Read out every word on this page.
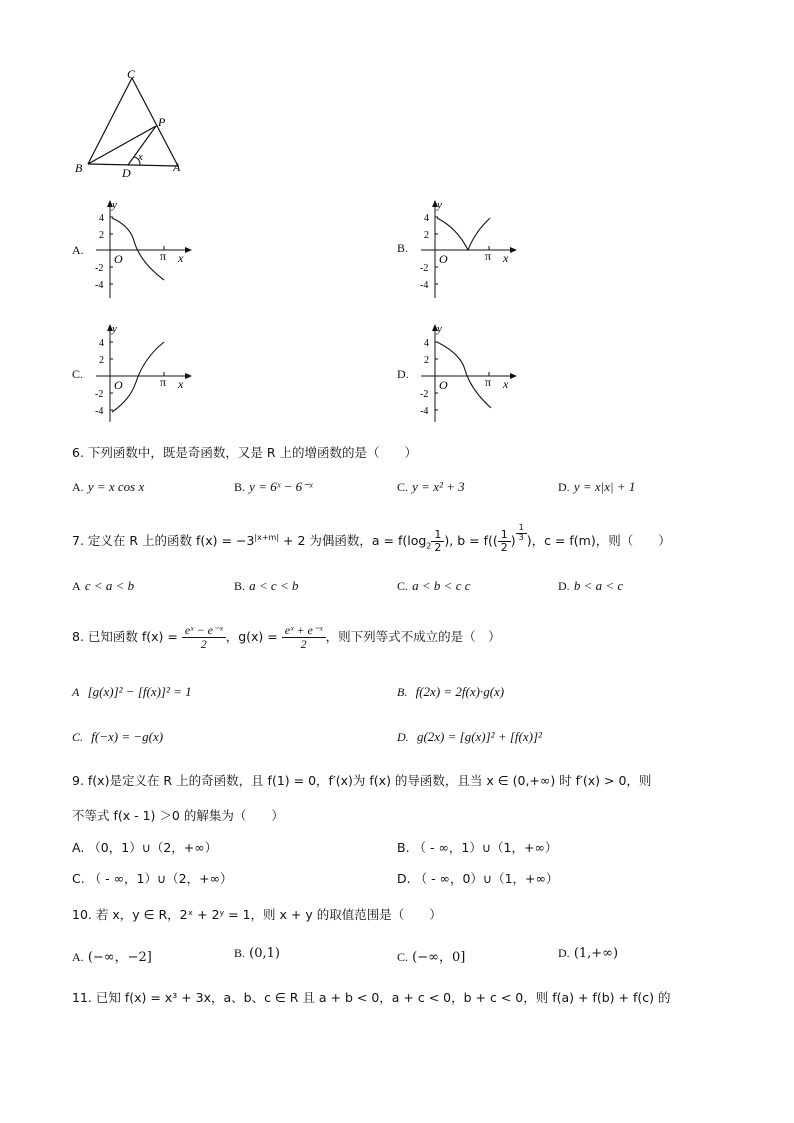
C
P
B	D	A
x
A.
y
x
O	π
4
2
-2
-4
B.
y
x
O	π
4
2
-2
-4
C.
y
x
O	π
4
2
-2
-4
D.
y
x
O	π
4
2
-2
-4
6. 下列函数中，既是奇函数，又是 R 上的增函数的是（　　）
A. y = x cos x	B. y = 6ˣ − 6⁻ˣ	C. y = x² + 3	D. y = x|x| + 1
7. 定义在 R 上的函数 $f(x) = -3^{|x+m|} + 2$ 为偶函数，$a = f(\log_2 \frac{1}{2}$ ), $b = f(( \frac{1}{2}$ ) $^{\frac{1}{3}}$ )，c = f(m)，则（　　）
A c < a < b	B. a < c < b	C. a < b < c c	D. b < a < c
8. 已知函数 $f(x) = \frac{\text{eˣ − e⁻ˣ}}{2}$ ，$g(x) = \frac{\text{eˣ + e⁻ˣ}}{2}$ ，则下列等式不成立的是（　）
A [g(x)]² − [f(x)]² = 1	B. f(2x) = 2f(x)·g(x)
C. f(−x) = −g(x)	D. g(2x) = [g(x)]² + [f(x)]²
9. f(x)是定义在 R 上的奇函数，且 f(1) = 0，f′(x)为 f(x) 的导函数，且当 x ∈ (0,+∞) 时 f′(x) > 0，则
不等式 f(x - 1) ＞0 的解集为（　　）
A. （0，1）∪（2，+∞）	B. （ - ∞，1）∪（1，+∞）
C. （ - ∞，1）∪（2，+∞）	D. （ - ∞，0）∪（1，+∞）
10. 若 x，y ∈ R，2ˣ + 2ʸ = 1，则 x + y 的取值范围是（　　）
A. (−∞，−2]	B. (0,1)	C. (−∞，0]	D. (1,+∞)
11. 已知 f(x) = x³ + 3x，a、b、c ∈ R 且 a + b < 0，a + c < 0，b + c < 0，则 f(a) + f(b) + f(c) 的
